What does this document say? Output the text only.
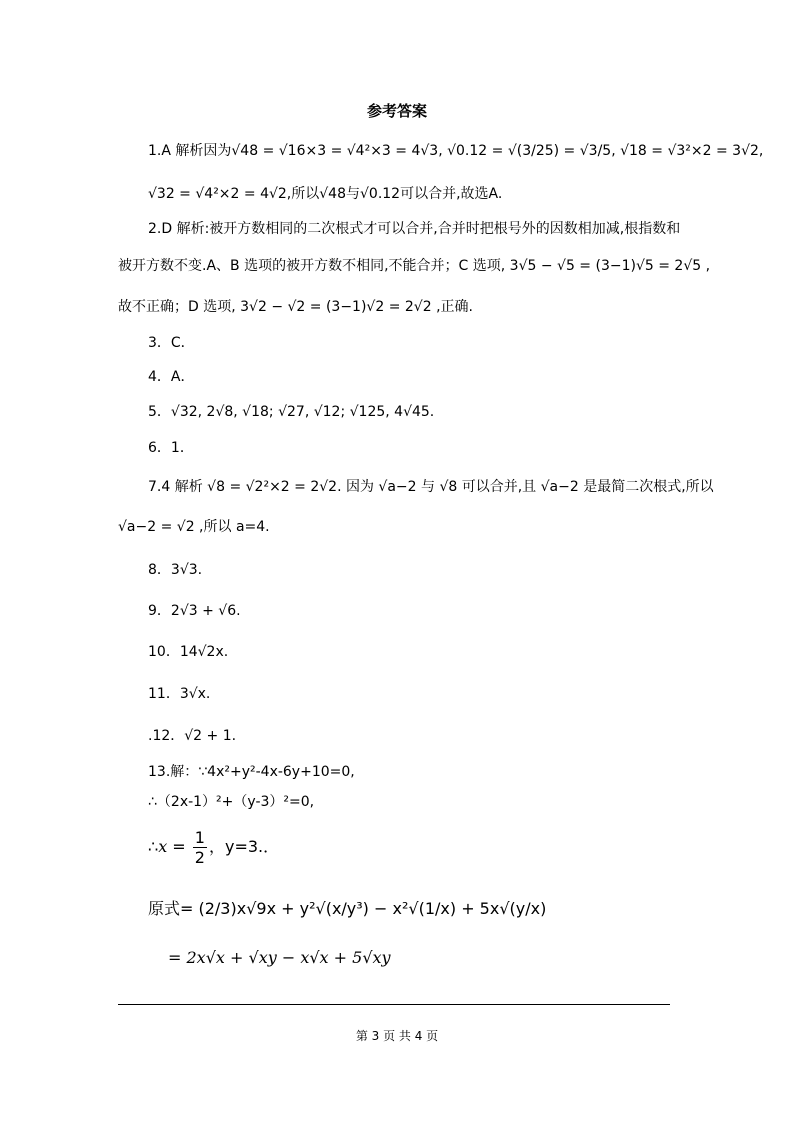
参考答案
1.A 解析因为√48 = √16×3 = √4²×3 = 4√3, √0.12 = √(3/25) = √3/5, √18 = √3²×2 = 3√2,
√32 = √4²×2 = 4√2,所以√48与√0.12可以合并,故选A.
2.D 解析:被开方数相同的二次根式才可以合并,合并时把根号外的因数相加减,根指数和
被开方数不变.A、B 选项的被开方数不相同,不能合并；C 选项, 3√5 − √5 = (3−1)√5 = 2√5 ,
故不正确；D 选项, 3√2 − √2 = (3−1)√2 = 2√2 ,正确.
3．C．
4．A．
5．√32, 2√8, √18; √27, √12; √125, 4√45.
6．1．
7.4 解析 √8 = √2²×2 = 2√2. 因为 √a−2 与 √8 可以合并,且 √a−2 是最简二次根式,所以
√a−2 = √2 ,所以 a=4.
8．3√3.
9．2√3 + √6.
10．14√2x.
11．3√x.
.12．√2 + 1.
13.解：∵4x²+y²-4x-6y+10=0,
∴（2x-1）²+（y-3）²=0,
∴x = $\frac{1}{2}$ ，y=3.．
原式= (2/3)x√9x + y²√(x/y³) − x²√(1/x) + 5x√(y/x)
= 2x√x + √xy − x√x + 5√xy
第 3 页 共 4 页
